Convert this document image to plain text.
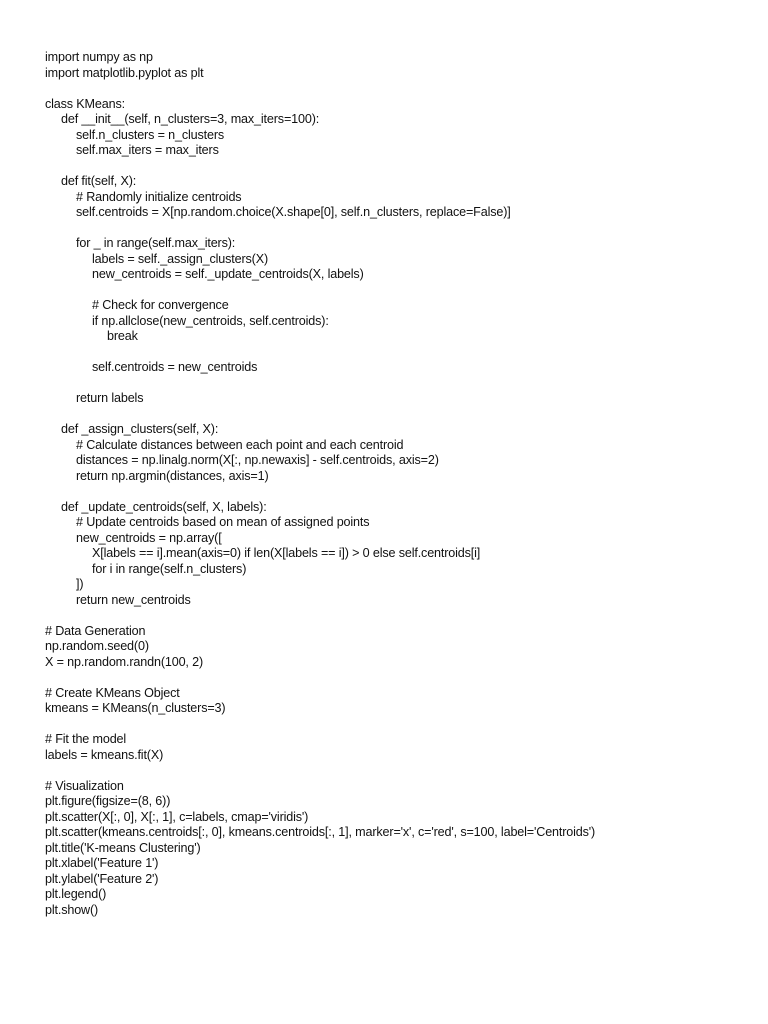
import numpy as np
import matplotlib.pyplot as plt
class KMeans:
def __init__(self, n_clusters=3, max_iters=100):
self.n_clusters = n_clusters
self.max_iters = max_iters
def fit(self, X):
# Randomly initialize centroids
self.centroids = X[np.random.choice(X.shape[0], self.n_clusters, replace=False)]
for _ in range(self.max_iters):
labels = self._assign_clusters(X)
new_centroids = self._update_centroids(X, labels)
# Check for convergence
if np.allclose(new_centroids, self.centroids):
break
self.centroids = new_centroids
return labels
def _assign_clusters(self, X):
# Calculate distances between each point and each centroid
distances = np.linalg.norm(X[:, np.newaxis] - self.centroids, axis=2)
return np.argmin(distances, axis=1)
def _update_centroids(self, X, labels):
# Update centroids based on mean of assigned points
new_centroids = np.array([
X[labels == i].mean(axis=0) if len(X[labels == i]) > 0 else self.centroids[i]
for i in range(self.n_clusters)
])
return new_centroids
# Data Generation
np.random.seed(0)
X = np.random.randn(100, 2)
# Create KMeans Object
kmeans = KMeans(n_clusters=3)
# Fit the model
labels = kmeans.fit(X)
# Visualization
plt.figure(figsize=(8, 6))
plt.scatter(X[:, 0], X[:, 1], c=labels, cmap='viridis')
plt.scatter(kmeans.centroids[:, 0], kmeans.centroids[:, 1], marker='x', c='red', s=100, label='Centroids')
plt.title('K-means Clustering')
plt.xlabel('Feature 1')
plt.ylabel('Feature 2')
plt.legend()
plt.show()
